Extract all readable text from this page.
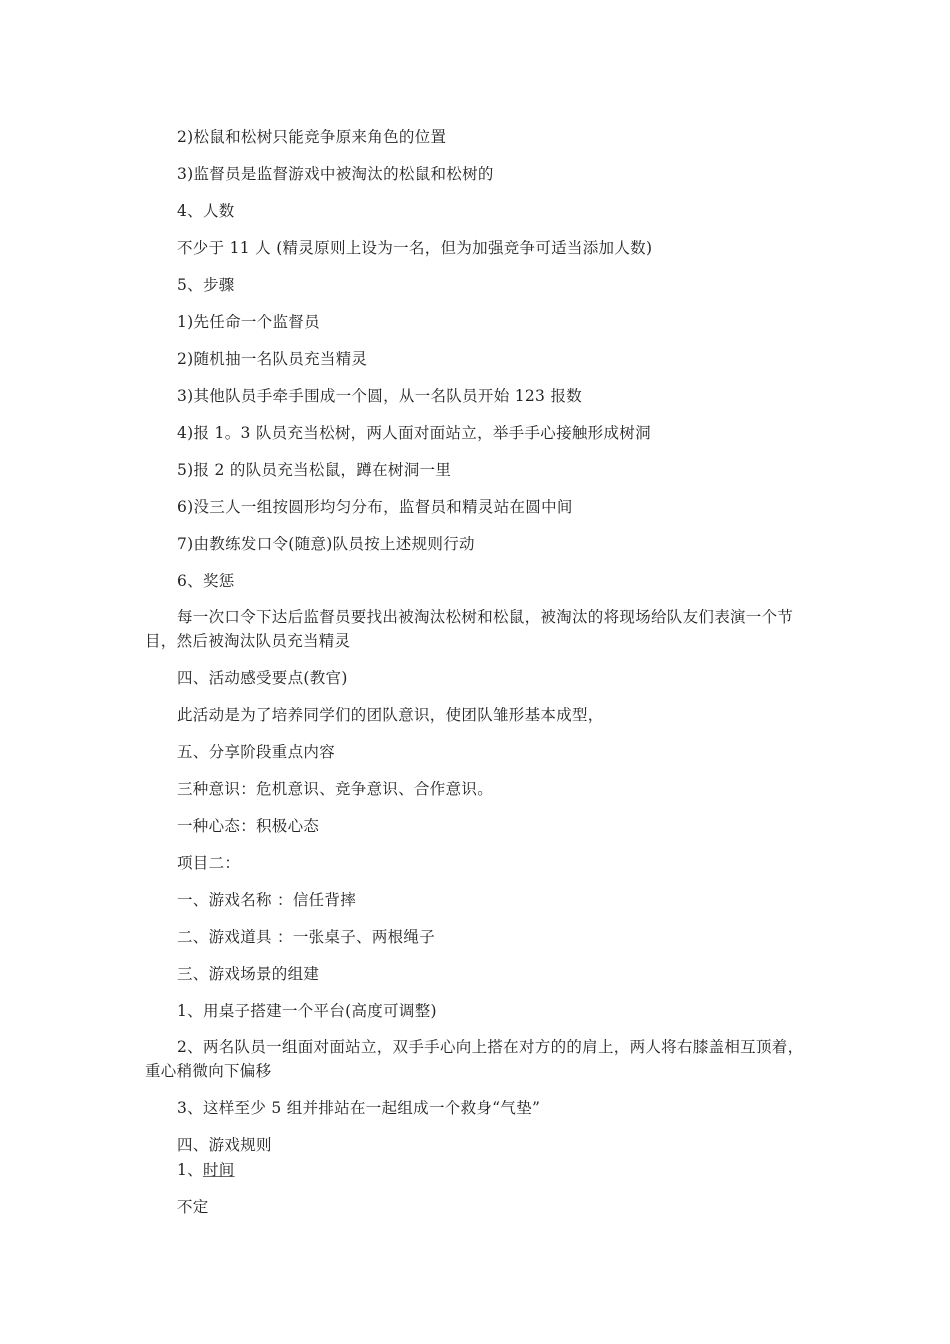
2)松鼠和松树只能竞争原来角色的位置
3)监督员是监督游戏中被淘汰的松鼠和松树的
4、人数
不少于 11 人 (精灵原则上设为一名，但为加强竞争可适当添加人数)
5、步骤
1)先任命一个监督员
2)随机抽一名队员充当精灵
3)其他队员手牵手围成一个圆，从一名队员开始 123 报数
4)报 1。3 队员充当松树，两人面对面站立，举手手心接触形成树洞
5)报 2 的队员充当松鼠，蹲在树洞一里
6)没三人一组按圆形均匀分布，监督员和精灵站在圆中间
7)由教练发口令(随意)队员按上述规则行动
6、奖惩
每一次口令下达后监督员要找出被淘汰松树和松鼠，被淘汰的将现场给队友们表演一个节目，然后被淘汰队员充当精灵
四、活动感受要点(教官)
此活动是为了培养同学们的团队意识，使团队雏形基本成型，
五、分享阶段重点内容
三种意识：危机意识、竞争意识、合作意识。
一种心态：积极心态
项目二：
一、游戏名称 ：信任背摔
二、游戏道具 ：一张桌子、两根绳子
三、游戏场景的组建
1、用桌子搭建一个平台(高度可调整)
2、两名队员一组面对面站立，双手手心向上搭在对方的的肩上，两人将右膝盖相互顶着，重心稍微向下偏移
3、这样至少 5 组并排站在一起组成一个救身“气垫”
四、游戏规则
1、时间
不定
